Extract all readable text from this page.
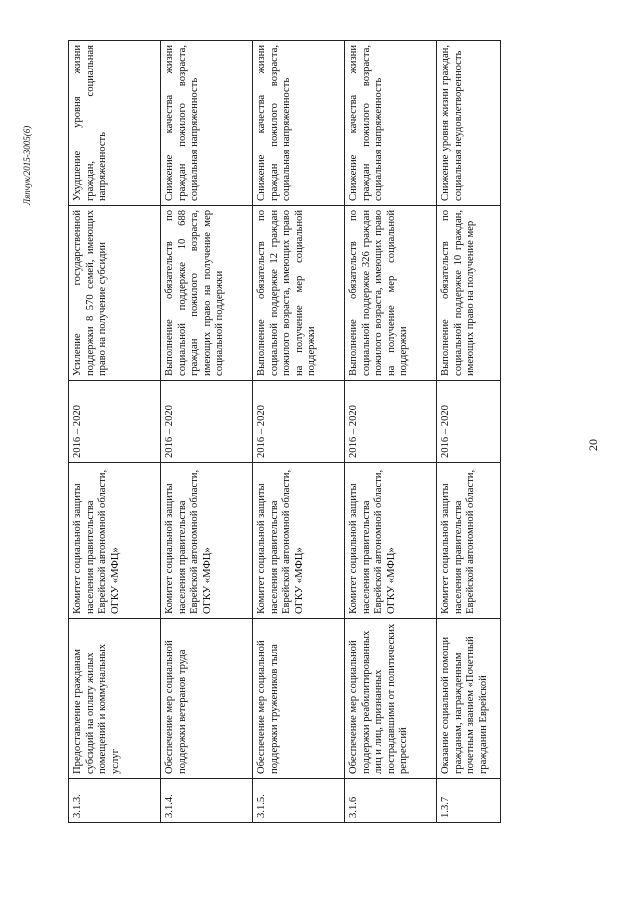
20
3.1.3.	Предоставление гражданам субсидий на оплату жилых помещений и коммунальных услуг	Комитет социальной защиты населения правительства Еврейской автономной области, ОГКУ «МФЦ»	2016 – 2020	Усиление государственной поддержки 8 570 семей, имеющих право на получение субсидии	Ухудшение уровня жизни граждан, социальная напряженность
3.1.4.	Обеспечение мер социальной поддержки ветеранов труда	Комитет социальной защиты населения правительства Еврейской автономной области, ОГКУ «МФЦ»	2016 – 2020	Выполнение обязательств по социальной поддержке 10 688 граждан пожилого возраста, имеющих право на получение мер социальной поддержки	Снижение качества жизни граждан пожилого возраста, социальная напряженность
3.1.5.	Обеспечение мер социальной поддержки тружеников тыла	Комитет социальной защиты населения правительства Еврейской автономной области, ОГКУ «МФЦ»	2016 – 2020	Выполнение обязательств по социальной поддержке 12 граждан пожилого возраста, имеющих право на получение мер социальной поддержки	Снижение качества жизни граждан пожилого возраста, социальная напряженность
3.1.6	Обеспечение мер социальной поддержки реабилитированных лиц и лиц, признанных пострадавшими от политических репрессий	Комитет социальной защиты населения правительства Еврейской автономной области, ОГКУ «МФЦ»	2016 – 2020	Выполнение обязательств по социальной поддержке 326 граждан пожилого возраста, имеющих право на получение мер социальной поддержки	Снижение качества жизни граждан пожилого возраста, социальная напряженность
1.3.7	Оказание социальной помощи гражданам, награжденным почетным званием «Почетный гражданин Еврейской	Комитет социальной защиты населения правительства Еврейской автономной области,	2016 – 2020	Выполнение обязательств по социальной поддержке 10 граждан, имеющих право на получение мер	Снижение уровня жизни граждан, социальная неудовлетворенность
Ляпчук/2015-3005(6)
